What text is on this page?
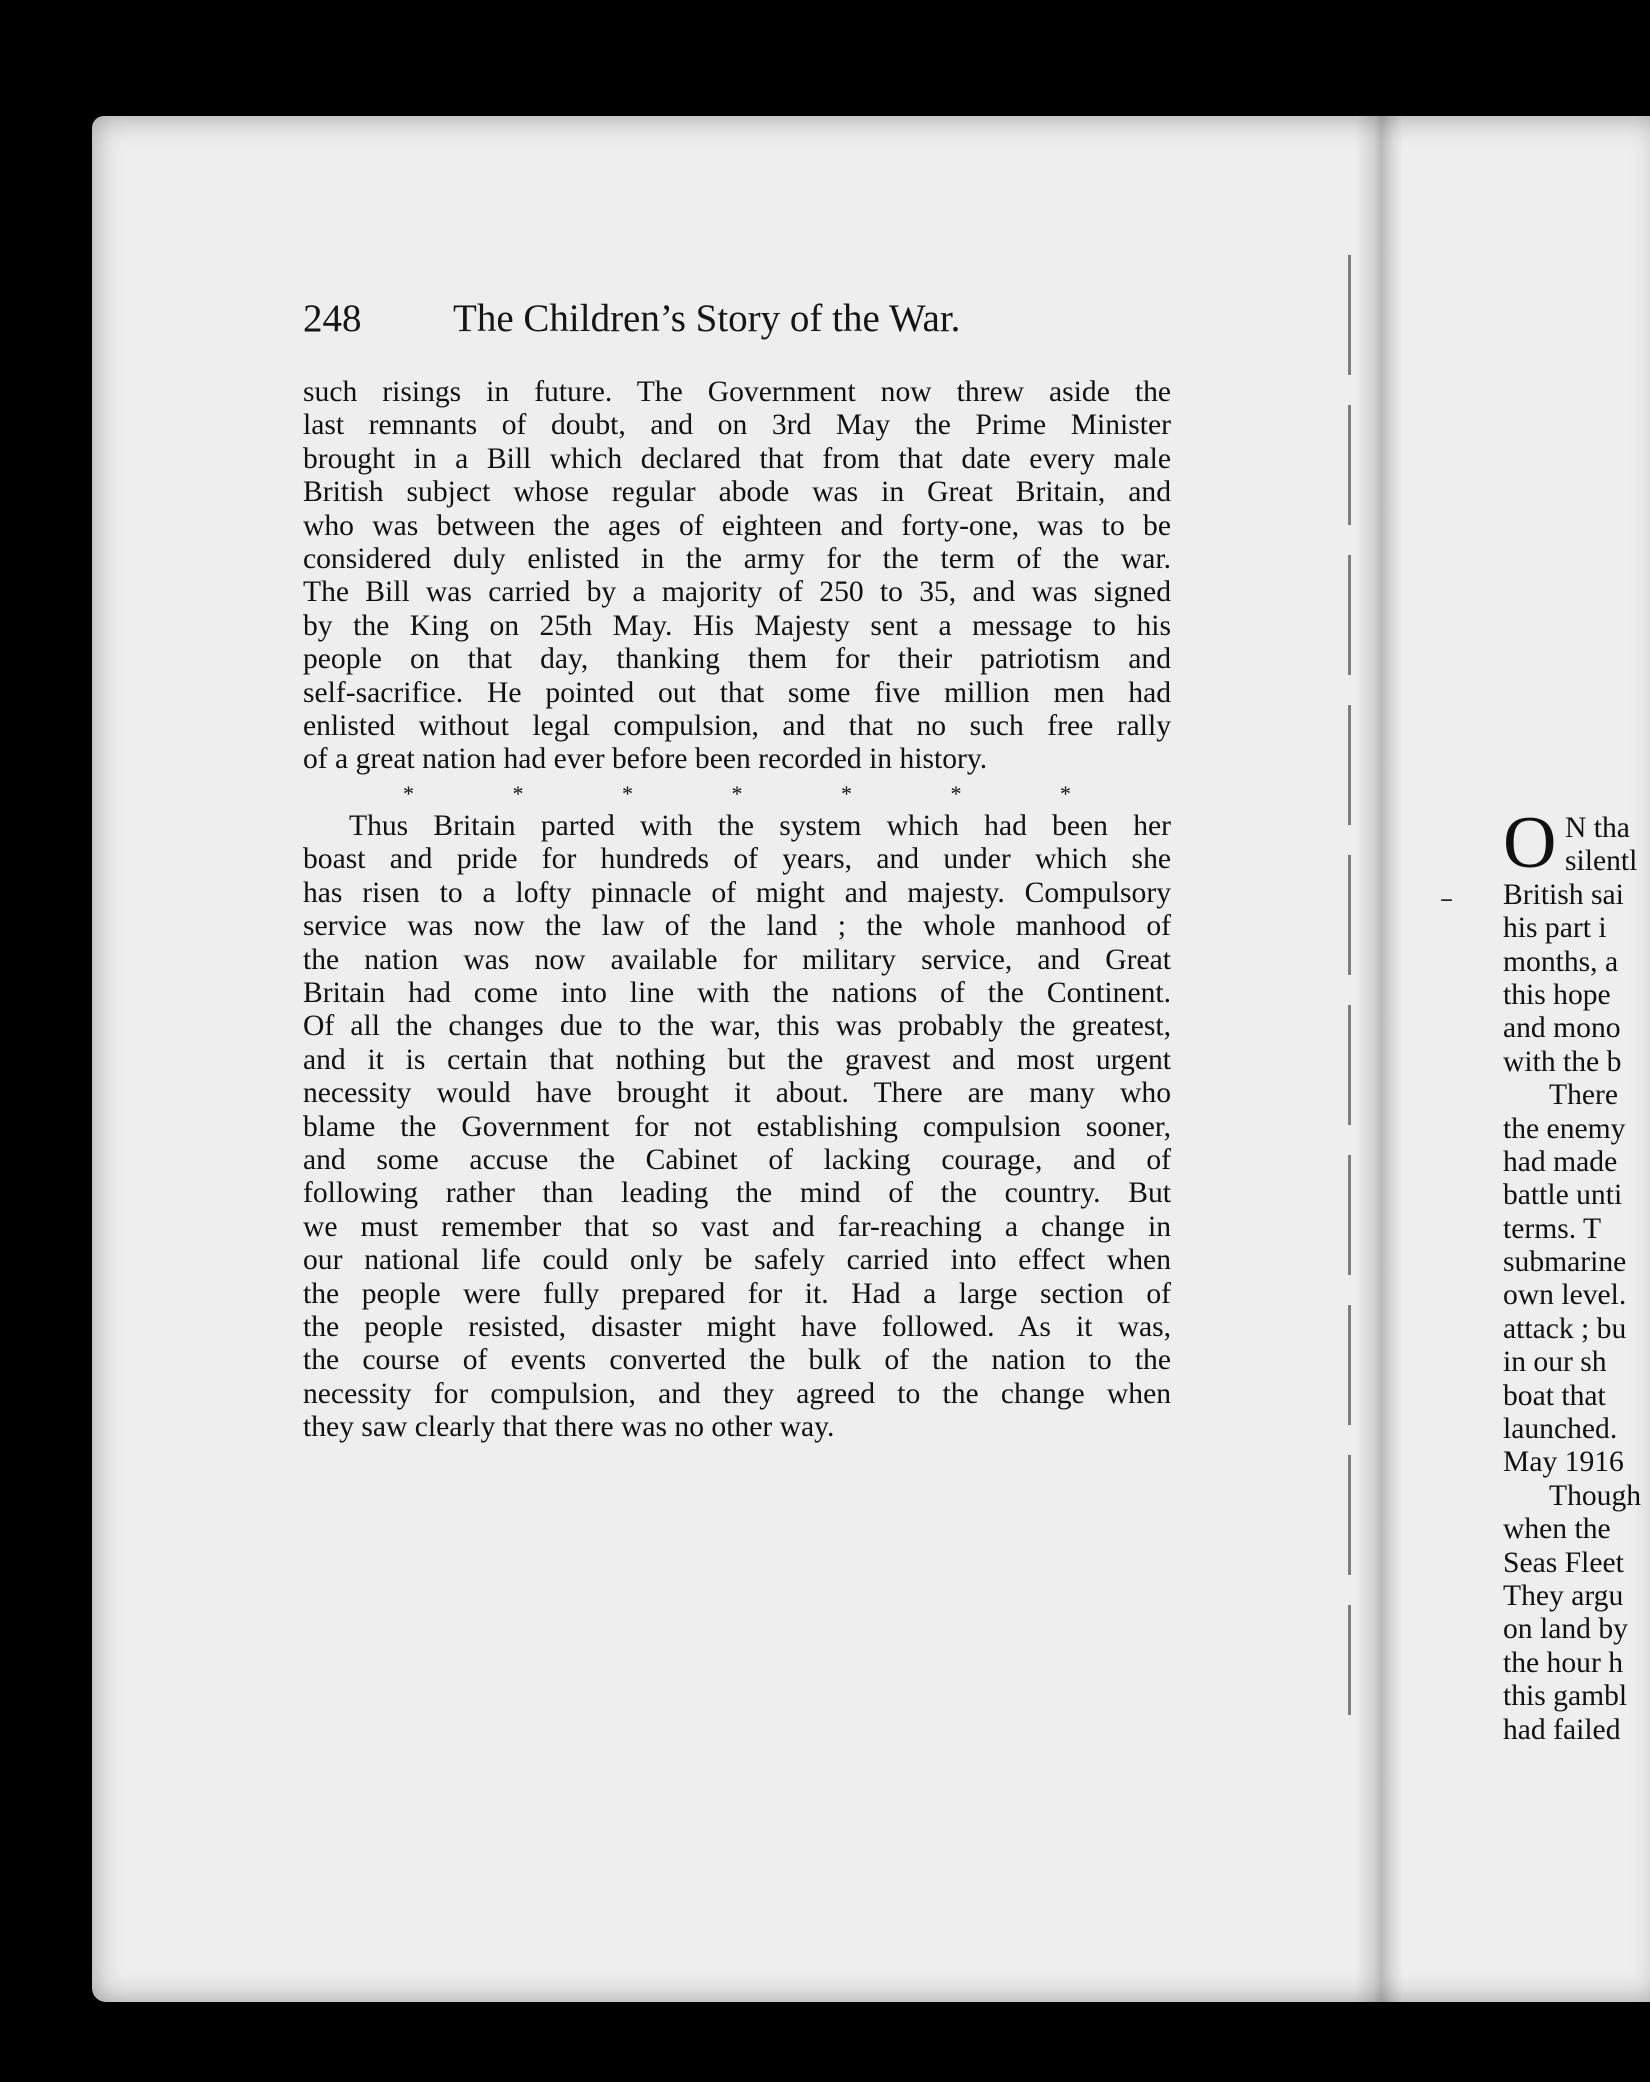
248 The Children’s Story of the War.
such risings in future. The Government now threw aside the
last remnants of doubt, and on 3rd May the Prime Minister
brought in a Bill which declared that from that date every male
British subject whose regular abode was in Great Britain, and
who was between the ages of eighteen and forty-one, was to be
considered duly enlisted in the army for the term of the war.
The Bill was carried by a majority of 250 to 35, and was signed
by the King on 25th May. His Majesty sent a message to his
people on that day, thanking them for their patriotism and
self-sacrifice. He pointed out that some five million men had
enlisted without legal compulsion, and that no such free rally
of a great nation had ever before been recorded in history.
*	*	*	*	*	*	*
Thus Britain parted with the system which had been her
boast and pride for hundreds of years, and under which she
has risen to a lofty pinnacle of might and majesty. Compulsory
service was now the law of the land ; the whole manhood of
the nation was now available for military service, and Great
Britain had come into line with the nations of the Continent.
Of all the changes due to the war, this was probably the greatest,
and it is certain that nothing but the gravest and most urgent
necessity would have brought it about. There are many who
blame the Government for not establishing compulsion sooner,
and some accuse the Cabinet of lacking courage, and of
following rather than leading the mind of the country. But
we must remember that so vast and far-reaching a change in
our national life could only be safely carried into effect when
the people were fully prepared for it. Had a large section of
the people resisted, disaster might have followed. As it was,
the course of events converted the bulk of the nation to the
necessity for compulsion, and they agreed to the change when
they saw clearly that there was no other way.
–
O N tha
silentl
British sai
his part i
months, a
this hope
and mono
with the b
There
the enemy
had made
battle unti
terms. T
submarine
own level.
attack ; bu
in our sh
boat that
launched.
May 1916
Though
when the
Seas Fleet
They argu
on land by
the hour h
this gambl
had failed
